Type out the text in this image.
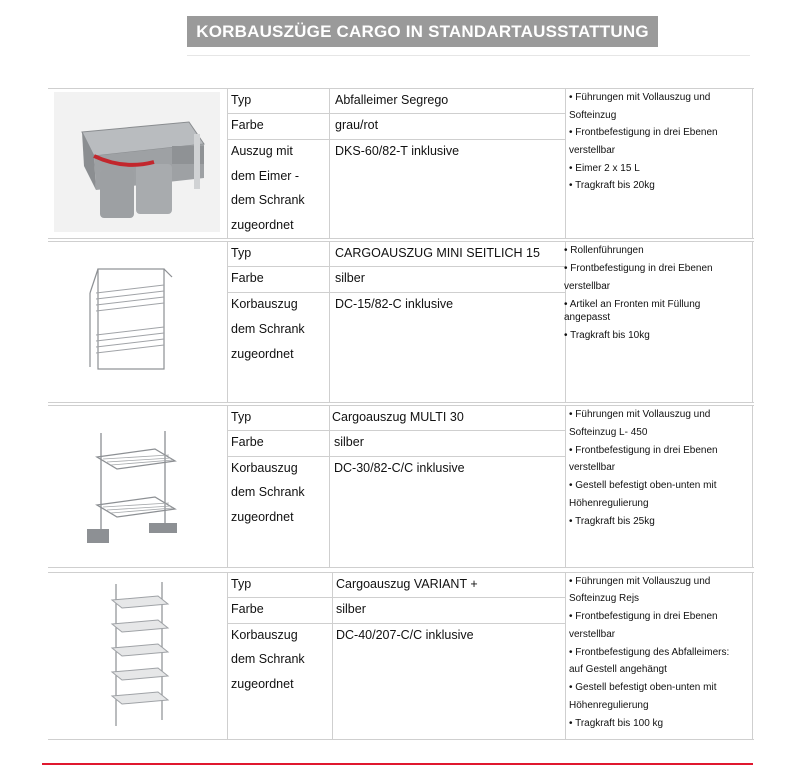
KORBAUSZÜGE CARGO IN STANDARTAUSSTATTUNG
Typ
Farbe
Auszug mit
dem Eimer -
dem Schrank
zugeordnet
Abfalleimer Segrego
grau/rot
DKS-60/82-T inklusive
• Führungen mit Vollauszug und
Softeinzug
• Frontbefestigung in drei Ebenen
verstellbar
• Eimer 2 x 15 L
• Tragkraft bis 20kg
Typ
Farbe
Korbauszug
dem Schrank
zugeordnet
CARGOAUSZUG MINI SEITLICH 15
silber
DC-15/82-C inklusive
• Rollenführungen
• Frontbefestigung in drei Ebenen
verstellbar
• Artikel an Fronten mit Füllung
angepasst
• Tragkraft bis 10kg
Typ
Farbe
Korbauszug
dem Schrank
zugeordnet
Cargoauszug MULTI 30
silber
DC-30/82-C/C inklusive
• Führungen mit Vollauszug und
Softeinzug L- 450
• Frontbefestigung in drei Ebenen
verstellbar
• Gestell befestigt oben-unten mit
Höhenregulierung
• Tragkraft bis 25kg
Typ
Farbe
Korbauszug
dem Schrank
zugeordnet
Cargoauszug VARIANT +
silber
DC-40/207-C/C inklusive
• Führungen mit Vollauszug und
Softeinzug Rejs
• Frontbefestigung in drei Ebenen
verstellbar
• Frontbefestigung des Abfalleimers:
auf Gestell angehängt
• Gestell befestigt oben-unten mit
Höhenregulierung
• Tragkraft bis 100 kg
